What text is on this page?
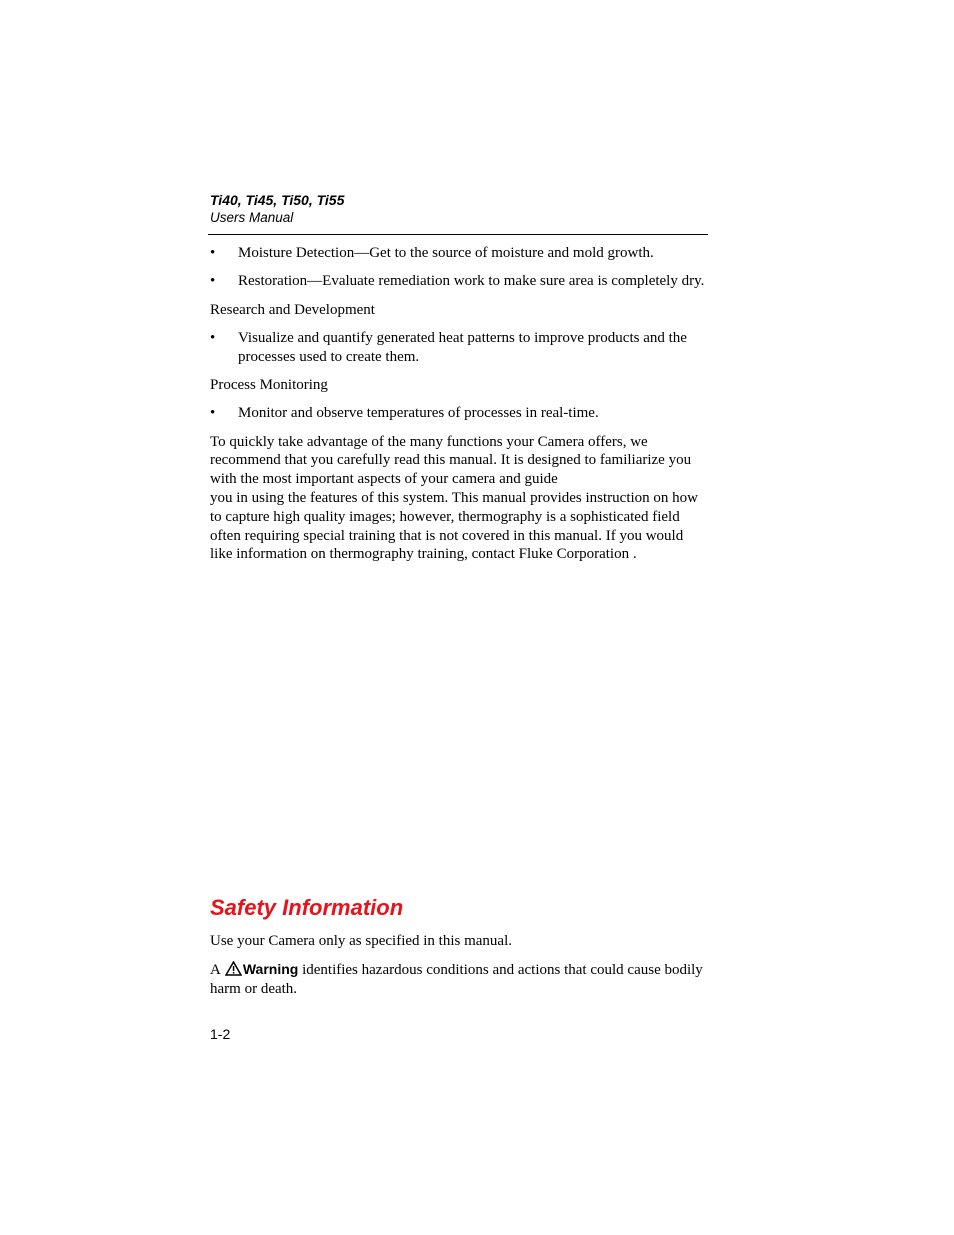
Ti40, Ti45, Ti50, Ti55
Users Manual
• Moisture Detection—Get to the source of moisture and mold growth.
• Restoration—Evaluate remediation work to make sure area is completely dry.
Research and Development
• Visualize and quantify generated heat patterns to improve products and the processes used to create them.
Process Monitoring
• Monitor and observe temperatures of processes in real-time.
To quickly take advantage of the many functions your Camera offers, we recommend that you carefully read this manual. It is designed to familiarize you with the most important aspects of your camera and guide
you in using the features of this system. This manual provides instruction on how to capture high quality images; however, thermography is a sophisticated field often requiring special training that is not covered in this manual. If you would like information on thermography training, contact Fluke Corporation .
Safety Information
Use your Camera only as specified in this manual.
A Warning identifies hazardous conditions and actions that could cause bodily harm or death.
1-2
